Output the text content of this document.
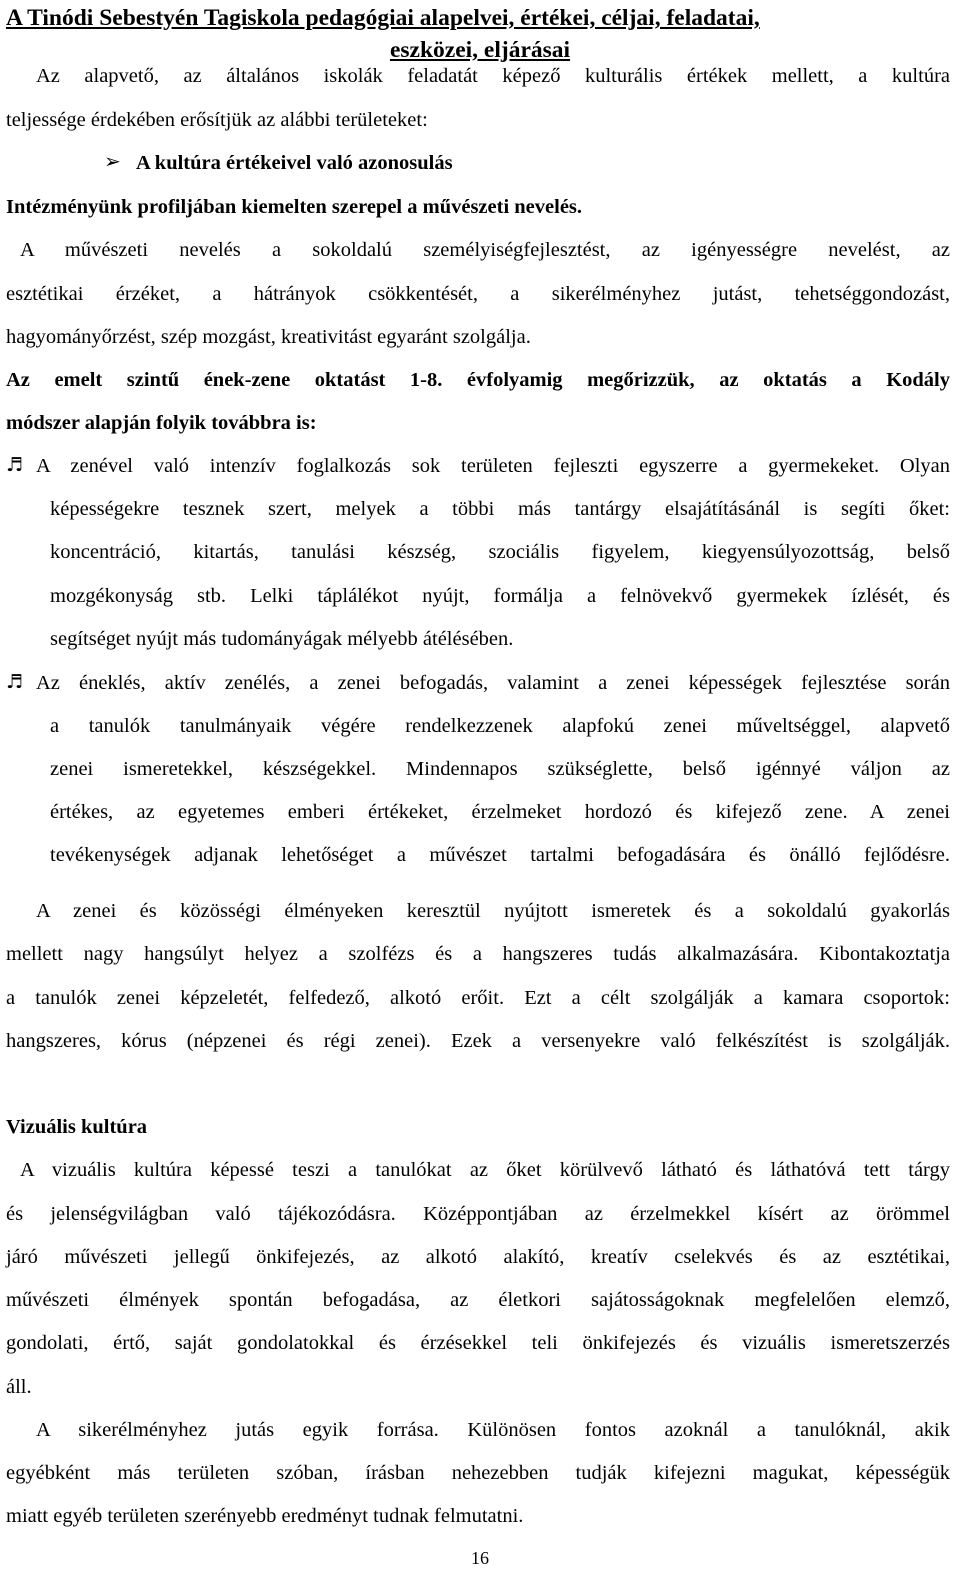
A Tinódi Sebestyén Tagiskola pedagógiai alapelvei, értékei, céljai, feladatai,
eszközei, eljárásai
Az alapvető, az általános iskolák feladatát képező kulturális értékek mellett, a kultúra
teljessége érdekében erősítjük az alábbi területeket:
➢ A kultúra értékeivel való azonosulás
Intézményünk profiljában kiemelten szerepel a művészeti nevelés.
A művészeti nevelés a sokoldalú személyiségfejlesztést, az igényességre nevelést, az
esztétikai érzéket, a hátrányok csökkentését, a sikerélményhez jutást, tehetséggondozást,
hagyományőrzést, szép mozgást, kreativitást egyaránt szolgálja.
Az emelt szintű ének-zene oktatást 1-8. évfolyamig megőrizzük, az oktatás a Kodály
módszer alapján folyik továbbra is:
♬ A zenével való intenzív foglalkozás sok területen fejleszti egyszerre a gyermekeket. Olyan
képességekre tesznek szert, melyek a többi más tantárgy elsajátításánál is segíti őket:
koncentráció, kitartás, tanulási készség, szociális figyelem, kiegyensúlyozottság, belső
mozgékonyság stb. Lelki táplálékot nyújt, formálja a felnövekvő gyermekek ízlését, és
segítséget nyújt más tudományágak mélyebb átélésében.
♬ Az éneklés, aktív zenélés, a zenei befogadás, valamint a zenei képességek fejlesztése során
a tanulók tanulmányaik végére rendelkezzenek alapfokú zenei műveltséggel, alapvető
zenei ismeretekkel, készségekkel. Mindennapos szükséglette, belső igénnyé váljon az
értékes, az egyetemes emberi értékeket, érzelmeket hordozó és kifejező zene. A zenei
tevékenységek adjanak lehetőséget a művészet tartalmi befogadására és önálló fejlődésre.
A zenei és közösségi élményeken keresztül nyújtott ismeretek és a sokoldalú gyakorlás
mellett nagy hangsúlyt helyez a szolfézs és a hangszeres tudás alkalmazására. Kibontakoztatja
a tanulók zenei képzeletét, felfedező, alkotó erőit. Ezt a célt szolgálják a kamara csoportok:
hangszeres, kórus (népzenei és régi zenei). Ezek a versenyekre való felkészítést is szolgálják.
Vizuális kultúra
A vizuális kultúra képessé teszi a tanulókat az őket körülvevő látható és láthatóvá tett tárgy
és jelenségvilágban való tájékozódásra. Középpontjában az érzelmekkel kísért az örömmel
járó művészeti jellegű önkifejezés, az alkotó alakító, kreatív cselekvés és az esztétikai,
művészeti élmények spontán befogadása, az életkori sajátosságoknak megfelelően elemző,
gondolati, értő, saját gondolatokkal és érzésekkel teli önkifejezés és vizuális ismeretszerzés
áll.
A sikerélményhez jutás egyik forrása. Különösen fontos azoknál a tanulóknál, akik
egyébként más területen szóban, írásban nehezebben tudják kifejezni magukat, képességük
miatt egyéb területen szerényebb eredményt tudnak felmutatni.
16
